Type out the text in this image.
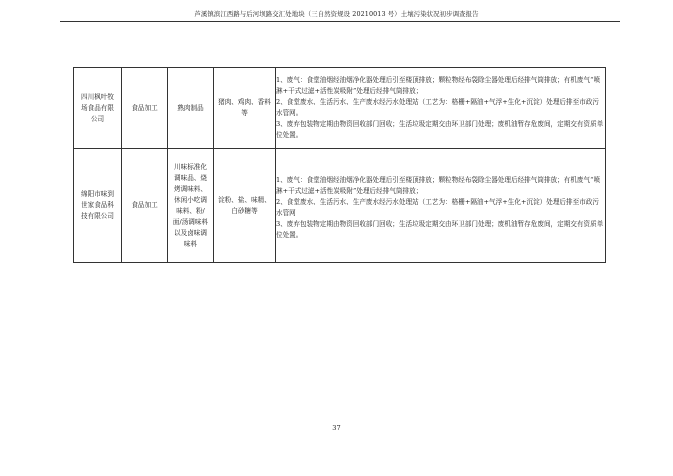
芦溪镇滨江西路与后河坝路交汇处地块（三自然资规设 20210013 号）土壤污染状况初步调查报告
四川枫叶牧场食品有限公司	食品加工	熟肉制品	猪肉、鸡肉、香料等	1、废气：食堂油烟经油烟净化器处理后引至楼顶排放；颗粒物经布袋除尘器处理后经排气筒排放；有机废气“喷淋+干式过滤+活性炭吸附”处理后经排气筒排放；
2、食堂废水、生活污水、生产废水经污水处理站（工艺为：格栅+隔油+气浮+生化+沉淀）处理后排至市政污水管网。
3、废弃包装物定期由物资回收部门回收；生活垃圾定期交由环卫部门处理；废机油暂存危废间，定期交有资质单位处置。

绵阳市味到世家食品科技有限公司	食品加工	川味标准化调味品、烧烤调味料、休闲小吃调味料、粉/面/汤调味料以及卤味调味料	淀粉、盐、味精、白砂糖等	1、废气：食堂油烟经油烟净化器处理后引至楼顶排放；颗粒物经布袋除尘器处理后经排气筒排放；有机废气“喷淋+干式过滤+活性炭吸附”处理后经排气筒排放；
2、食堂废水、生活污水、生产废水经污水处理站（工艺为：格栅+隔油+气浮+生化+沉淀）处理后排至市政污水管网
3、废弃包装物定期由物资回收部门回收；生活垃圾定期交由环卫部门处理；废机油暂存危废间，定期交有资质单位处置。
37
